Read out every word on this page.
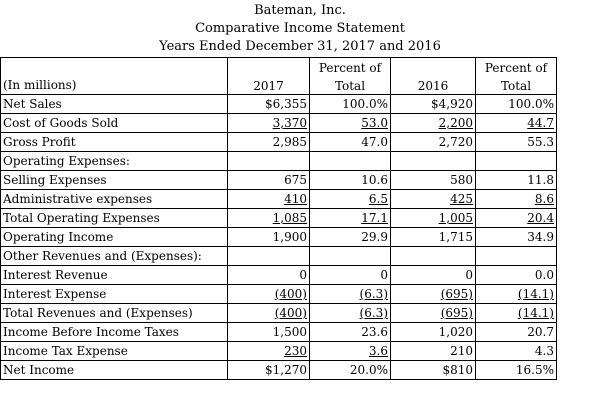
Bateman, Inc.
Comparative Income Statement
Years Ended December 31, 2017 and 2016
		Percent of		Percent of
(In millions)	2017	Total	2016	Total
Net Sales	$6,355	100.0%	$4,920	100.0%
Cost of Goods Sold	3,370	53.0	2,200	44.7
Gross Profit	2,985	47.0	2,720	55.3
Operating Expenses:				
Selling Expenses	675	10.6	580	11.8
Administrative expenses	410	6.5	425	8.6
Total Operating Expenses	1,085	17.1	1,005	20.4
Operating Income	1,900	29.9	1,715	34.9
Other Revenues and (Expenses):				
Interest Revenue	0	0	0	0.0
Interest Expense	(400)	(6.3)	(695)	(14.1)
Total Revenues and (Expenses)	(400)	(6.3)	(695)	(14.1)
Income Before Income Taxes	1,500	23.6	1,020	20.7
Income Tax Expense	230	3.6	210	4.3
Net Income	$1,270	20.0%	$810	16.5%
